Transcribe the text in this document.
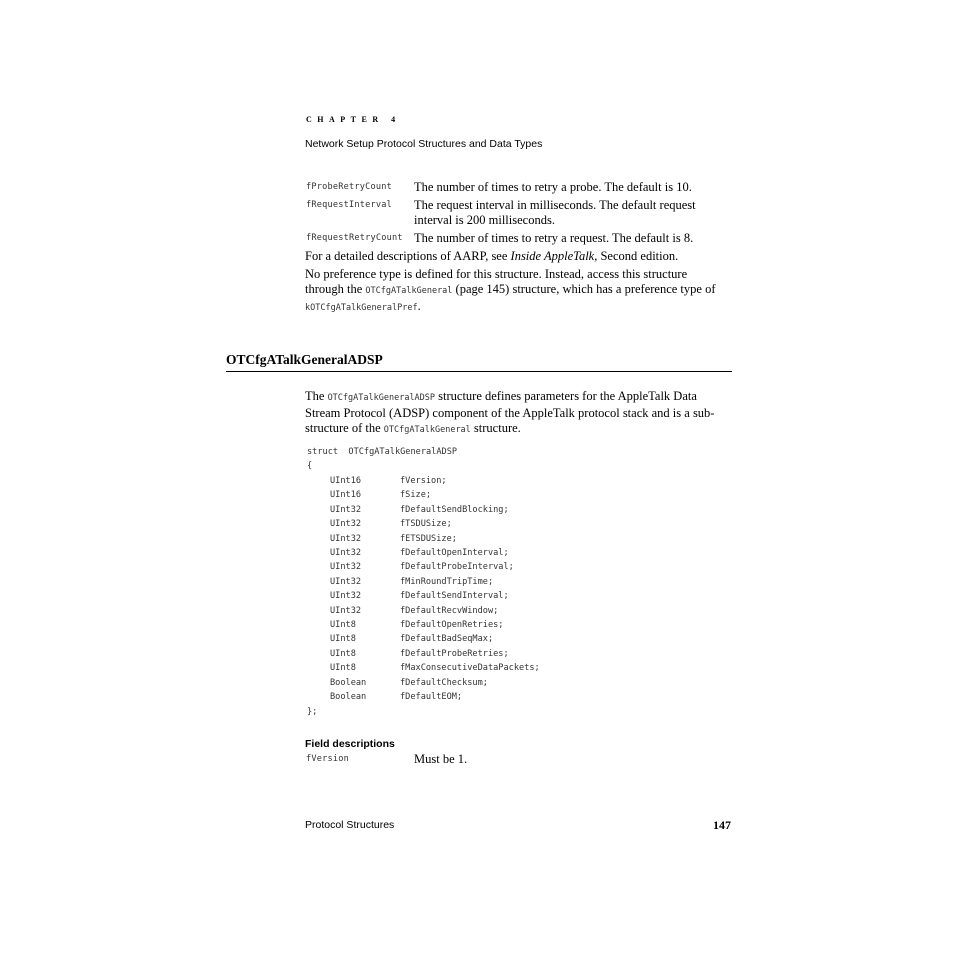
CHAPTER 4
Network Setup Protocol Structures and Data Types
fProbeRetryCount The number of times to retry a probe. The default is 10.
fRequestInterval The request interval in milliseconds. The default request interval is 200 milliseconds.
fRequestRetryCount The number of times to retry a request. The default is 8.
For a detailed descriptions of AARP, see Inside AppleTalk, Second edition.
No preference type is defined for this structure. Instead, access this structure through the OTCfgATalkGeneral (page 145) structure, which has a preference type of kOTCfgATalkGeneralPref.
OTCfgATalkGeneralADSP
The OTCfgATalkGeneralADSP structure defines parameters for the AppleTalk Data Stream Protocol (ADSP) component of the AppleTalk protocol stack and is a sub-structure of the OTCfgATalkGeneral structure.
struct  OTCfgATalkGeneralADSP
{
UInt16	fVersion;
UInt16	fSize;
UInt32	fDefaultSendBlocking;
UInt32	fTSDUSize;
UInt32	fETSDUSize;
UInt32	fDefaultOpenInterval;
UInt32	fDefaultProbeInterval;
UInt32	fMinRoundTripTime;
UInt32	fDefaultSendInterval;
UInt32	fDefaultRecvWindow;
UInt8	fDefaultOpenRetries;
UInt8	fDefaultBadSeqMax;
UInt8	fDefaultProbeRetries;
UInt8	fMaxConsecutiveDataPackets;
Boolean	fDefaultChecksum;
Boolean	fDefaultEOM;
};
Field descriptions
fVersion	Must be 1.
Protocol Structures	147
